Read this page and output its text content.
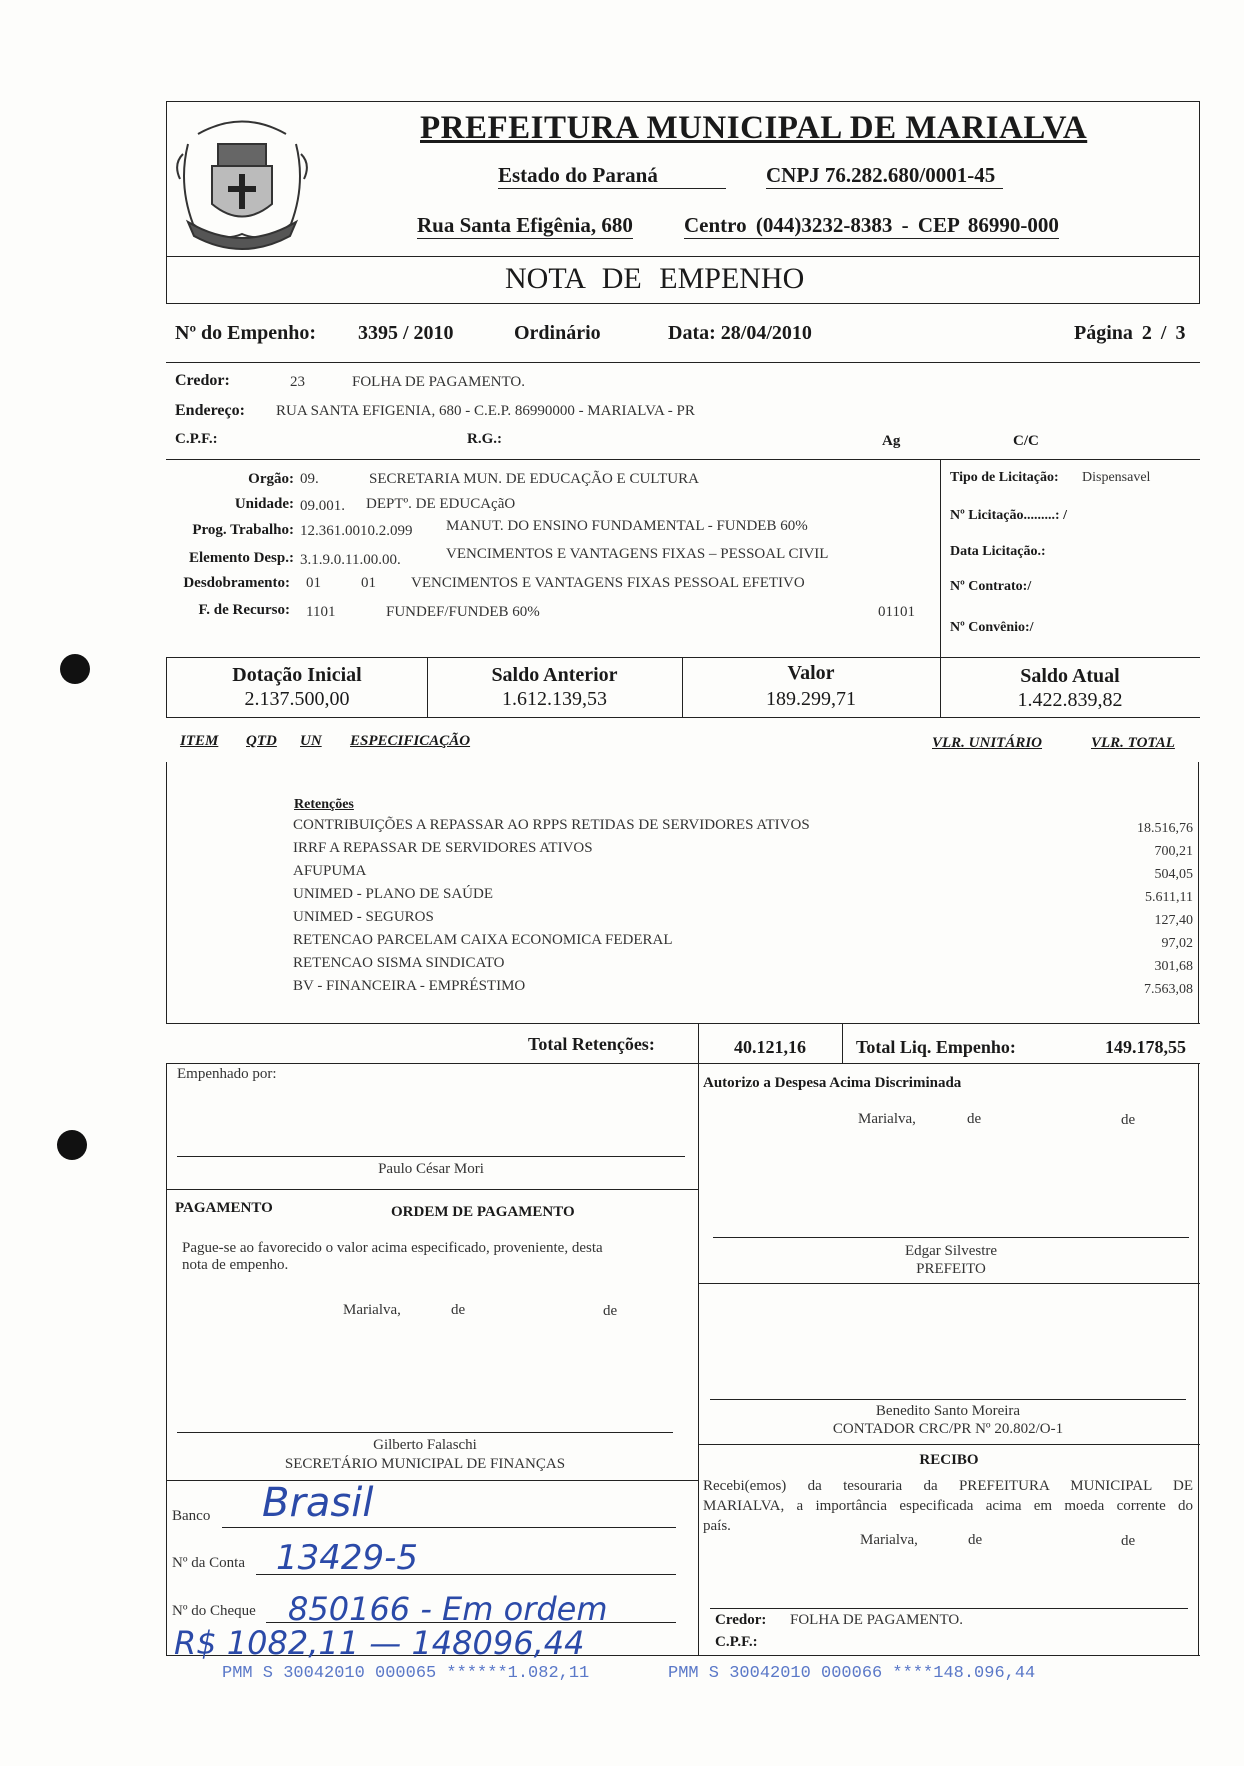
PREFEITURA MUNICIPAL DE MARIALVA
Estado do Paraná	CNPJ 76.282.680/0001-45
Rua Santa Efigênia, 680 Centro (044)3232-8383 - CEP 86990-000
NOTA DE EMPENHO
Nº do Empenho: 3395 / 2010	Ordinário	Data: 28/04/2010	Página 2 / 3
Credor:	23	FOLHA DE PAGAMENTO.
Endereço: RUA SANTA EFIGENIA, 680 - C.E.P. 86990000 - MARIALVA - PR
C.P.F.:	R.G.:	Ag	C/C
Orgão: 09.	SECRETARIA MUN. DE EDUCAÇÃO E CULTURA
Unidade: 09.001. DEPTº. DE EDUCAçãO
Prog. Trabalho: 12.361.0010.2.099 MANUT. DO ENSINO FUNDAMENTAL - FUNDEB 60%
Elemento Desp.: 3.1.9.0.11.00.00.	VENCIMENTOS E VANTAGENS FIXAS – PESSOAL CIVIL
Desdobramento: 01	01 VENCIMENTOS E VANTAGENS FIXAS PESSOAL EFETIVO
F. de Recurso: 1101	FUNDEF/FUNDEB 60%	01101
Tipo de Licitação: Dispensavel
Nº Licitação.........: /
Data Licitação.:
Nº Contrato:/
Nº Convênio:/
Dotação Inicial
2.137.500,00
Saldo Anterior
1.612.139,53
Valor
189.299,71
Saldo Atual
1.422.839,82
ITEM QTD UN ESPECIFICAÇÃO	VLR. UNITÁRIO	VLR. TOTAL
Retenções
CONTRIBUIÇÕES A REPASSAR AO RPPS RETIDAS DE SERVIDORES ATIVOS	18.516,76
IRRF A REPASSAR DE SERVIDORES ATIVOS	700,21
AFUPUMA	504,05
UNIMED - PLANO DE SAÚDE	5.611,11
UNIMED - SEGUROS	127,40
RETENCAO PARCELAM CAIXA ECONOMICA FEDERAL	97,02
RETENCAO SISMA SINDICATO	301,68
BV - FINANCEIRA - EMPRÉSTIMO	7.563,08
Total Retenções:	40.121,16	Total Liq. Empenho:	149.178,55
Empenhado por:
Paulo César Mori
Autorizo a Despesa Acima Discriminada
Marialva,	de	de
Edgar Silvestre
PREFEITO
PAGAMENTO	ORDEM DE PAGAMENTO
Pague-se ao favorecido o valor acima especificado, proveniente, desta
nota de empenho.
Marialva,	de	de
Gilberto Falaschi
SECRETÁRIO MUNICIPAL DE FINANÇAS
Benedito Santo Moreira
CONTADOR CRC/PR Nº 20.802/O-1
RECIBO
Recebi(emos) da tesouraria da PREFEITURA MUNICIPAL DE
MARIALVA, a importância especificada acima em moeda corrente do
país.
Marialva,	de	de
Credor: FOLHA DE PAGAMENTO.
C.P.F.:
Banco Brasil
Nº da Conta 13429-5
Nº do Cheque 850166 - Em ordem
R$ 1082,11 — 148096,44
PMM S 30042010 000065 ******1.082,11	PMM S 30042010 000066 ****148.096,44
